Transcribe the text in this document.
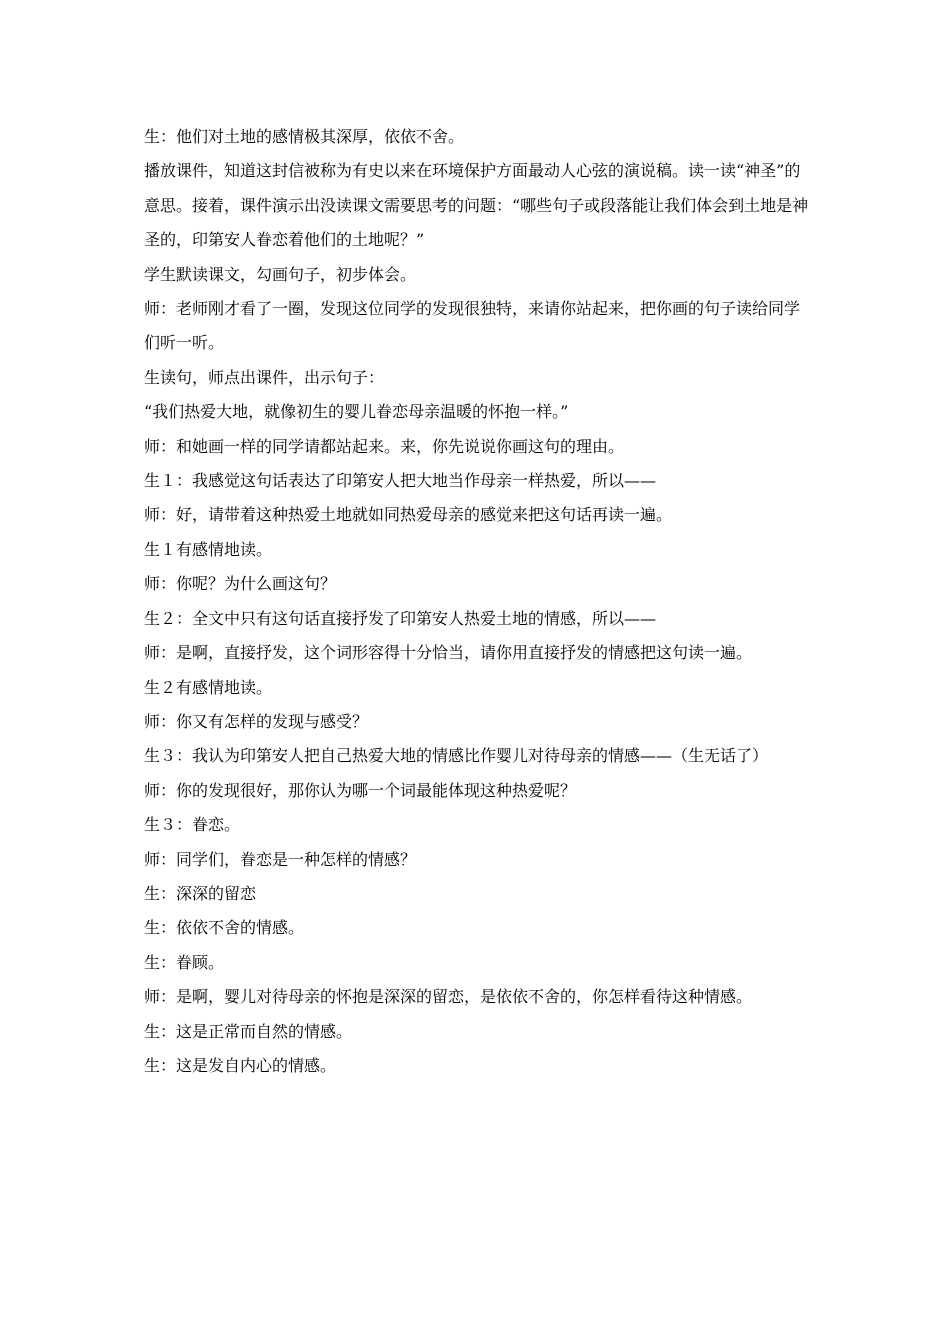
生：他们对土地的感情极其深厚，依依不舍。

播放课件，知道这封信被称为有史以来在环境保护方面最动人心弦的演说稿。读一读“神圣”的意思。接着，课件演示出没读课文需要思考的问题：“哪些句子或段落能让我们体会到土地是神圣的，印第安人眷恋着他们的土地呢？”

学生默读课文，勾画句子，初步体会。

师：老师刚才看了一圈，发现这位同学的发现很独特，来请你站起来，把你画的句子读给同学们听一听。

生读句，师点出课件，出示句子：

“我们热爱大地，就像初生的婴儿眷恋母亲温暖的怀抱一样。”

师：和她画一样的同学请都站起来。来，你先说说你画这句的理由。

生１：我感觉这句话表达了印第安人把大地当作母亲一样热爱，所以——

师：好，请带着这种热爱土地就如同热爱母亲的感觉来把这句话再读一遍。

生１有感情地读。

师：你呢？为什么画这句？

生２：全文中只有这句话直接抒发了印第安人热爱土地的情感，所以——

师：是啊，直接抒发，这个词形容得十分恰当，请你用直接抒发的情感把这句读一遍。

生２有感情地读。

师：你又有怎样的发现与感受？

生３：我认为印第安人把自己热爱大地的情感比作婴儿对待母亲的情感——（生无话了）

师：你的发现很好，那你认为哪一个词最能体现这种热爱呢？

生３：眷恋。

师：同学们，眷恋是一种怎样的情感？

生：深深的留恋

生：依依不舍的情感。

生：眷顾。

师：是啊，婴儿对待母亲的怀抱是深深的留恋，是依依不舍的，你怎样看待这种情感。

生：这是正常而自然的情感。

生：这是发自内心的情感。
